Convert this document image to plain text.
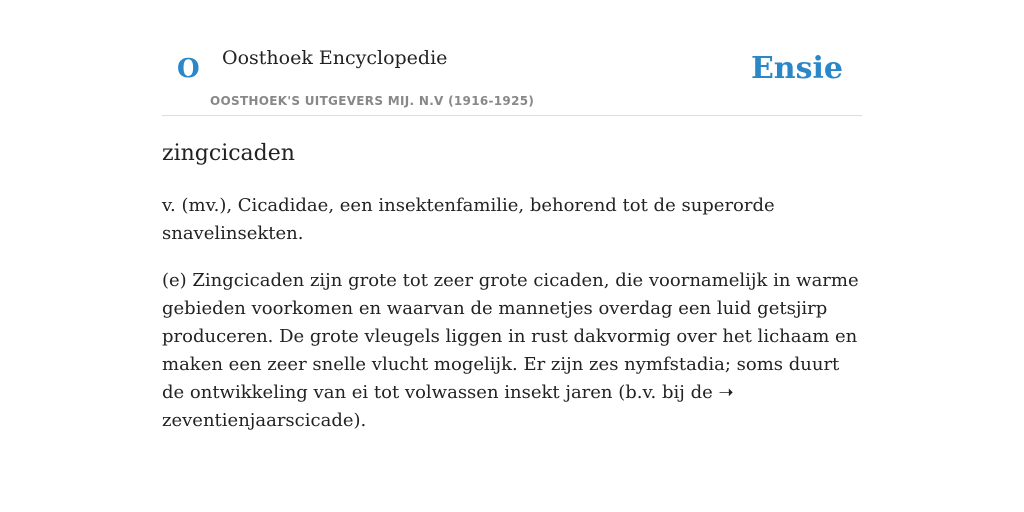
O Oosthoek Encyclopedie
OOSTHOEK'S UITGEVERS MIJ. N.V (1916-1925)
Ensie
zingcicaden

v. (mv.), Cicadidae, een insektenfamilie, behorend tot de superorde snavelinsekten.

(e) Zingcicaden zijn grote tot zeer grote cicaden, die voornamelijk in warme gebieden voorkomen en waarvan de mannetjes overdag een luid getsjirp produceren. De grote vleugels liggen in rust dakvormig over het lichaam en maken een zeer snelle vlucht mogelijk. Er zijn zes nymfstadia; soms duurt de ontwikkeling van ei tot volwassen insekt jaren (b.v. bij de ➝ zeventienjaarscicade).
